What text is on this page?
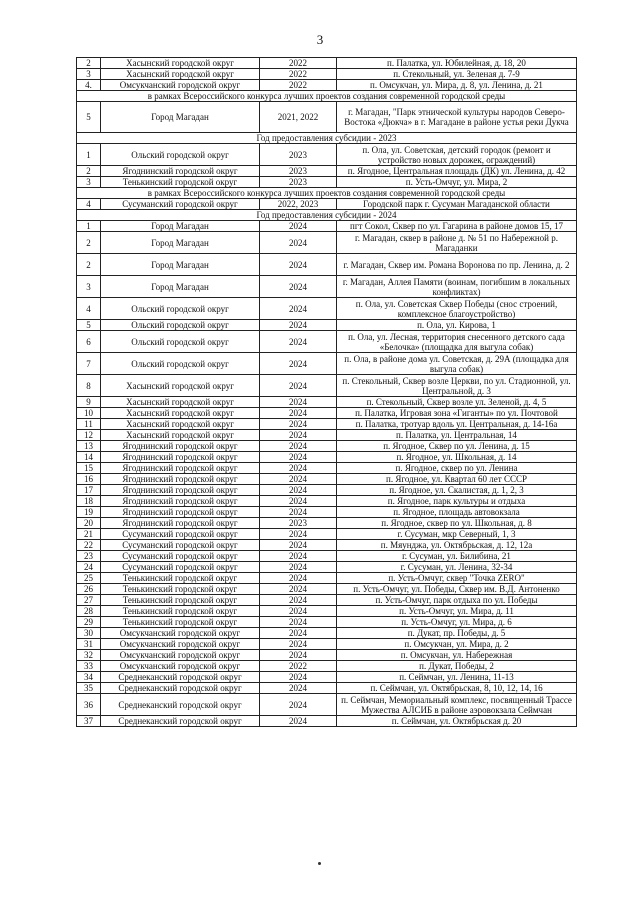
3
2	Хасынский городской округ	2022	п. Палатка, ул. Юбилейная, д. 18, 20
3	Хасынский городской округ	2022	п. Стекольный, ул. Зеленая д. 7-9
4.	Омсукчанский городской округ	2022	п. Омсукчан, ул. Мира, д. 8, ул. Ленина, д. 21
в рамках Всероссийского конкурса лучших проектов создания современной городской среды			
5	Город Магадан	2021, 2022	г. Магадан, "Парк этнической культуры народов Северо-Востока «Дюкча» в г. Магадане в районе устья реки Дукча
Год предоставления субсидии - 2023			
1	Ольский городской округ	2023	п. Ола, ул. Советская, детский городок (ремонт и устройство новых дорожек, ограждений)
2	Ягоднинский городской округ	2023	п. Ягодное, Центральная площадь (ДК) ул. Ленина, д. 42
3	Тенькинский городской округ	2023	п. Усть-Омчуг, ул. Мира, 2
в рамках Всероссийского конкурса лучших проектов создания современной городской среды			
4	Сусуманский городской округ	2022, 2023	Городской парк г. Сусуман Магаданской области
Год предоставления субсидии - 2024			
1	Город Магадан	2024	пгт Сокол, Сквер по ул. Гагарина в районе домов 15, 17
2	Город Магадан	2024	г. Магадан, сквер в районе д. № 51 по Набережной р. Магаданки
2	Город Магадан	2024	г. Магадан, Сквер им. Романа Воронова по пр. Ленина, д. 2
3	Город Магадан	2024	г. Магадан, Аллея Памяти (воинам, погибшим в локальных конфликтах)
4	Ольский городской округ	2024	п. Ола, ул. Советская Сквер Победы (снос строений, комплексное благоустройство)
5	Ольский городской округ	2024	п. Ола, ул. Кирова, 1
6	Ольский городской округ	2024	п. Ола, ул. Лесная, территория снесенного детского сада «Белочка» (площадка для выгула собак)
7	Ольский городской округ	2024	п. Ола, в районе дома ул. Советская, д. 29А (площадка для выгула собак)
8	Хасынский городской округ	2024	п. Стекольный, Сквер возле Церкви, по ул. Стадионной, ул. Центральной, д. 3
9	Хасынский городской округ	2024	п. Стекольный, Сквер возле ул. Зеленой, д. 4, 5
10	Хасынский городской округ	2024	п. Палатка, Игровая зона «Гиганты» по ул. Почтовой
11	Хасынский городской округ	2024	п. Палатка, тротуар вдоль ул. Центральная, д. 14-16а
12	Хасынский городской округ	2024	п. Палатка, ул. Центральная, 14
13	Ягоднинский городской округ	2024	п. Ягодное, Сквер по ул. Ленина, д. 15
14	Ягоднинский городской округ	2024	п. Ягодное, ул. Школьная, д. 14
15	Ягоднинский городской округ	2024	п. Ягодное, сквер по ул. Ленина
16	Ягоднинский городской округ	2024	п. Ягодное, ул. Квартал 60 лет СССР
17	Ягоднинский городской округ	2024	п. Ягодное, ул. Скалистая, д. 1, 2, 3
18	Ягоднинский городской округ	2024	п. Ягодное, парк культуры и отдыха
19	Ягоднинский городской округ	2024	п. Ягодное, площадь автовокзала
20	Ягоднинский городской округ	2023	п. Ягодное, сквер по ул. Школьная, д. 8
21	Сусуманский городской округ	2024	г. Сусуман, мкр Северный, 1, 3
22	Сусуманский городской округ	2024	п. Мяунджа, ул. Октябрьская, д. 12, 12а
23	Сусуманский городской округ	2024	г. Сусуман, ул. Билибина, 21
24	Сусуманский городской округ	2024	г. Сусуман, ул. Ленина, 32-34
25	Тенькинский городской округ	2024	п. Усть-Омчуг, сквер "Точка ZERO"
26	Тенькинский городской округ	2024	п. Усть-Омчуг, ул. Победы, Сквер им. В.Д. Антоненко
27	Тенькинский городской округ	2024	п. Усть-Омчуг, парк отдыха по ул. Победы
28	Тенькинский городской округ	2024	п. Усть-Омчуг, ул. Мира, д. 11
29	Тенькинский городской округ	2024	п. Усть-Омчуг, ул. Мира, д. 6
30	Омсукчанский городской округ	2024	п. Дукат, пр. Победы, д. 5
31	Омсукчанский городской округ	2024	п. Омсукчан, ул. Мира, д. 2
32	Омсукчанский городской округ	2024	п. Омсукчан, ул. Набережная
33	Омсукчанский городской округ	2022	п. Дукат, Победы, 2
34	Среднеканский городской округ	2024	п. Сеймчан, ул. Ленина, 11-13
35	Среднеканский городской округ	2024	п. Сеймчан, ул. Октябрьская, 8, 10, 12, 14, 16
36	Среднеканский городской округ	2024	п. Сеймчан, Мемориальный комплекс, посвященный Трассе Мужества АЛСИБ в районе аэровокзала Сеймчан
37	Среднеканский городской округ	2024	п. Сеймчан, ул. Октябрьская д. 20
